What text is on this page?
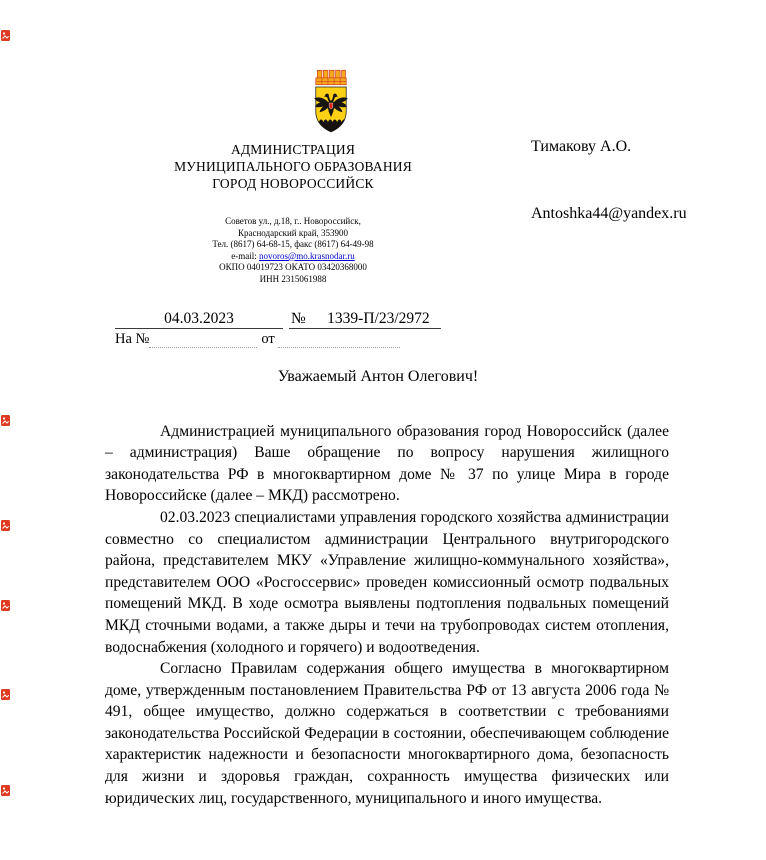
АДМИНИСТРАЦИЯ
МУНИЦИПАЛЬНОГО ОБРАЗОВАНИЯ
ГОРОД НОВОРОССИЙСК
Советов ул., д.18, г.. Новороссийск,
Краснодарский край, 353900
Тел. (8617) 64-68-15, факс (8617) 64-49-98
e-mail: novoros@mo.krasnodar.ru
ОКПО 04019723 ОКАТО 03420368000
ИНН 2315061988
Тимакову А.О.
Antoshka44@yandex.ru
04.03.2023	№	1339-П/23/2972
На №	от
Уважаемый Антон Олегович!

Администрацией муниципального образования город Новороссийск (далее – администрация) Ваше обращение по вопросу нарушения жилищного законодательства РФ в многоквартирном доме № 37 по улице Мира в городе Новороссийске (далее – МКД) рассмотрено.

02.03.2023 специалистами управления городского хозяйства администрации совместно со специалистом администрации Центрального внутригородского района, представителем МКУ «Управление жилищно-коммунального хозяйства», представителем ООО «Росгоссервис» проведен комиссионный осмотр подвальных помещений МКД. В ходе осмотра выявлены подтопления подвальных помещений МКД сточными водами, а также дыры и течи на трубопроводах систем отопления, водоснабжения (холодного и горячего) и водоотведения.

Согласно Правилам содержания общего имущества в многоквартирном доме, утвержденным постановлением Правительства РФ от 13 августа 2006 года № 491, общее имущество, должно содержаться в соответствии с требованиями законодательства Российской Федерации в состоянии, обеспечивающем соблюдение характеристик надежности и безопасности многоквартирного дома, безопасность для жизни и здоровья граждан, сохранность имущества физических или юридических лиц, государственного, муниципального и иного имущества.
